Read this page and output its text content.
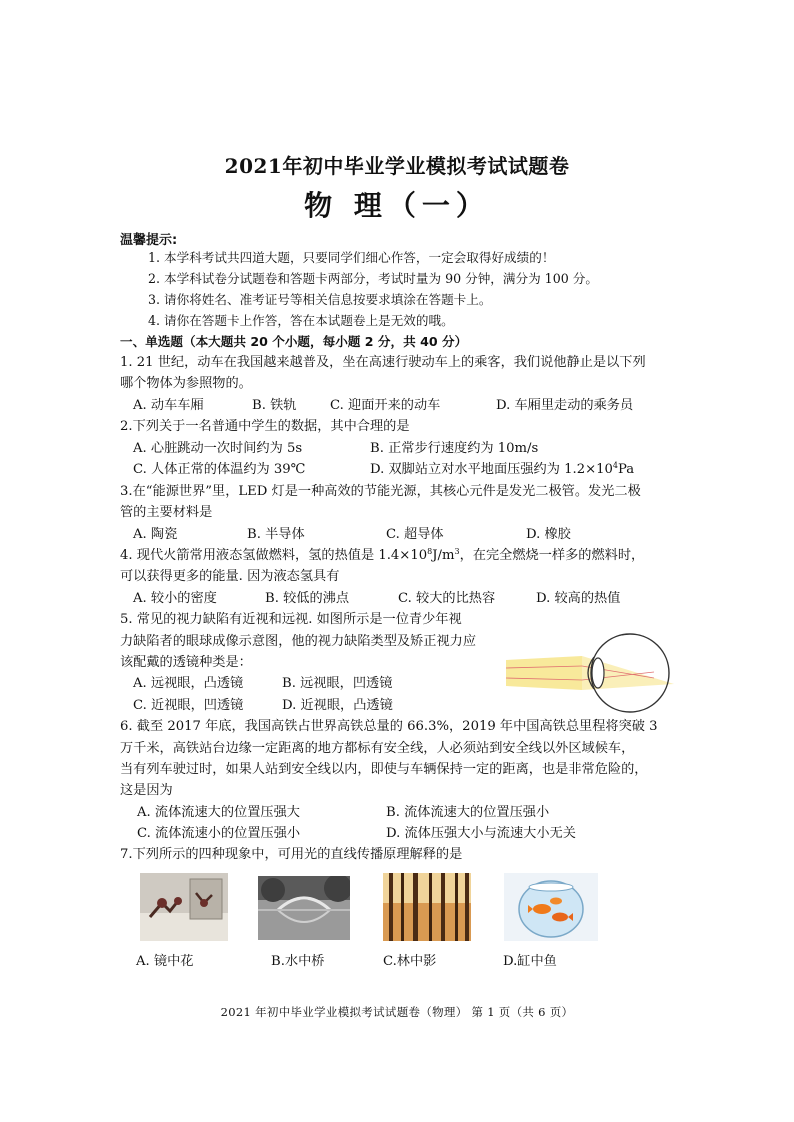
2021年初中毕业学业模拟考试试题卷
物 理（一）
温馨提示:
1. 本学科考试共四道大题，只要同学们细心作答，一定会取得好成绩的！
2. 本学科试卷分试题卷和答题卡两部分，考试时量为 90 分钟，满分为 100 分。
3. 请你将姓名、准考证号等相关信息按要求填涂在答题卡上。
4. 请你在答题卡上作答，答在本试题卷上是无效的哦。
一、单选题（本大题共 20 个小题，每小题 2 分，共 40 分）
1. 21 世纪，动车在我国越来越普及，坐在高速行驶动车上的乘客，我们说他静止是以下列
哪个物体为参照物的。
A. 动车车厢	B. 铁轨	C. 迎面开来的动车	D. 车厢里走动的乘务员
2.下列关于一名普通中学生的数据，其中合理的是
A. 心脏跳动一次时间约为 5s	B. 正常步行速度约为 10m/s
C. 人体正常的体温约为 39℃	D. 双脚站立对水平地面压强约为 $1.2\times 10^4Pa$
3.在“能源世界”里，LED 灯是一种高效的节能光源，其核心元件是发光二极管。发光二极
管的主要材料是
A. 陶瓷	B. 半导体	C. 超导体	D. 橡胶
4. 现代火箭常用液态氢做燃料，氢的热值是 $1.4\times 10^8J/m^3$，在完全燃烧一样多的燃料时，
可以获得更多的能量. 因为液态氢具有
A. 较小的密度	B. 较低的沸点	C. 较大的比热容	D. 较高的热值
5. 常见的视力缺陷有近视和远视. 如图所示是一位青少年视
力缺陷者的眼球成像示意图，他的视力缺陷类型及矫正视力应
该配戴的透镜种类是：
A. 远视眼，凸透镜	B. 远视眼，凹透镜
C. 近视眼，凹透镜	D. 近视眼，凸透镜
6. 截至 2017 年底，我国高铁占世界高铁总量的 66.3%，2019 年中国高铁总里程将突破 3
万千米，高铁站台边缘一定距离的地方都标有安全线，人必须站到安全线以外区域候车，
当有列车驶过时，如果人站到安全线以内，即使与车辆保持一定的距离，也是非常危险的，
这是因为
A. 流体流速大的位置压强大	B. 流体流速大的位置压强小
C. 流体流速小的位置压强小	D. 流体压强大小与流速大小无关
7.下列所示的四种现象中，可用光的直线传播原理解释的是
A. 镜中花	B.水中桥	C.林中影	D.缸中鱼
2021 年初中毕业学业模拟考试试题卷（物理） 第 1 页（共 6 页）
